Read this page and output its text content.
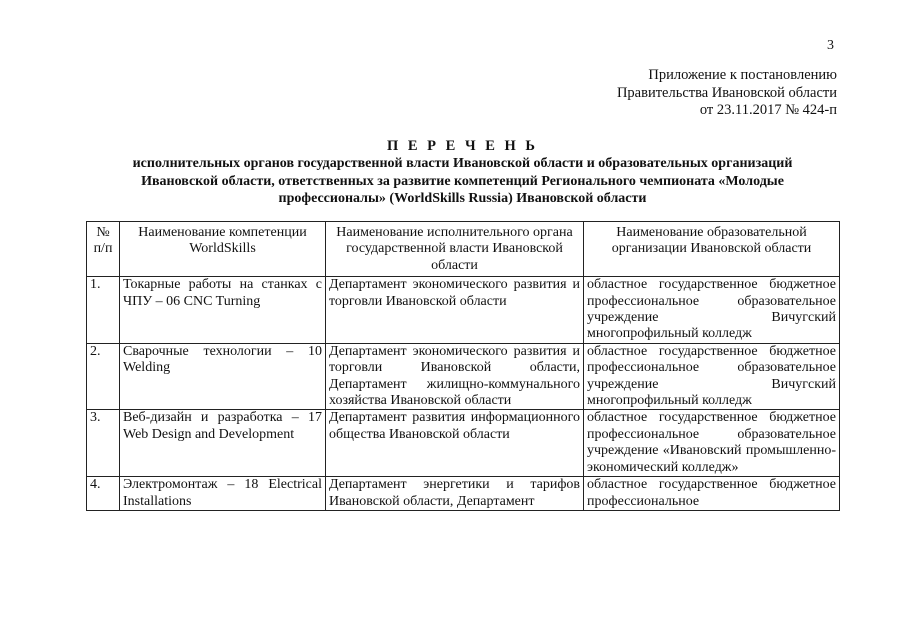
3
Приложение к постановлению
Правительства Ивановской области
от 23.11.2017 № 424-п
П Е Р Е Ч Е Н Ь
исполнительных органов государственной власти Ивановской области и образовательных организаций
Ивановской области, ответственных за развитие компетенций Регионального чемпионата «Молодые
профессионалы» (WorldSkills Russia) Ивановской области
№ п/п	Наименование компетенции WorldSkills	Наименование исполнительного органа государственной власти Ивановской области	Наименование образовательной организации Ивановской области
1.	Токарные работы на станках с ЧПУ – 06 CNC Turning	Департамент экономического развития и торговли Ивановской области	областное государственное бюджетное профессиональное образовательное учреждение Вичугский многопрофильный колледж
2.	Сварочные технологии – 10 Welding	Департамент экономического развития и торговли Ивановской области, Департамент жилищно-коммунального хозяйства Ивановской области	областное государственное бюджетное профессиональное образовательное учреждение Вичугский многопрофильный колледж
3.	Веб-дизайн и разработка – 17 Web Design and Development	Департамент развития информационного общества Ивановской области	областное государственное бюджетное профессиональное образовательное учреждение «Ивановский промышленно-экономический колледж»
4.	Электромонтаж – 18 Electrical Installations	Департамент энергетики и тарифов Ивановской области, Департамент	областное государственное бюджетное профессиональное
